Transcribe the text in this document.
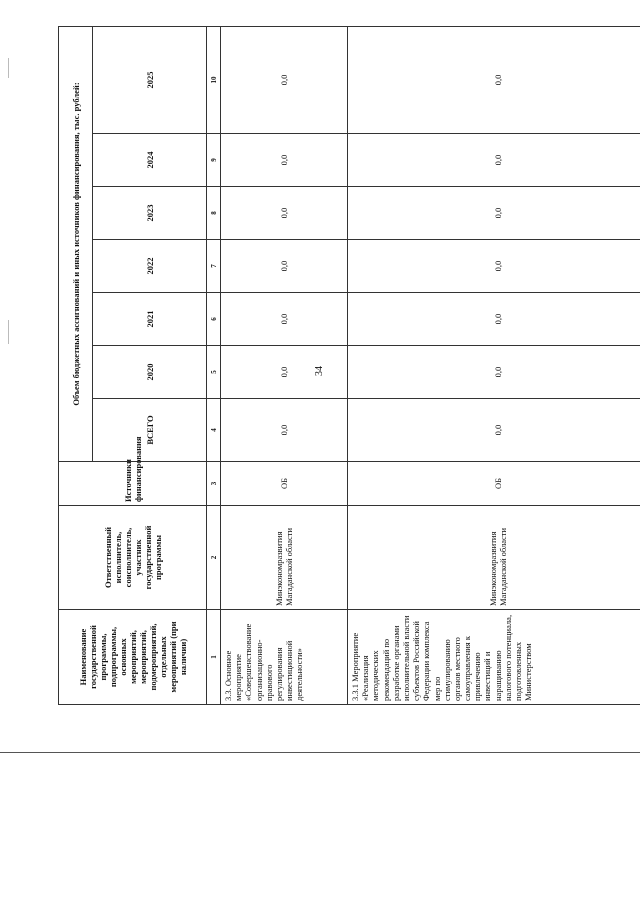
34
Наименование государственной программы, подпрограммы, основных мероприятий, мероприятий, подмероприятий, отдельных мероприятий (при наличии)	Ответственный исполнитель, соисполнитель, участник государственной программы	Источники финансирования	Объем бюджетных ассигнований и иных источников финансирования, тыс. рублей:						
			ВСЕГО	2020	2021	2022	2023	2024	2025
1	2	3	4	5	6	7	8	9	10

3.3. Основное мероприятие «Совершенствование организационно-правового регулирования инвестиционной деятельности»	Минэкономразвития Магаданской области	ОБ	0,0	0,0	0,0	0,0	0,0	0,0	0,0

3.3.1 Мероприятие «Реализация методических рекомендаций по разработке органами исполнительной власти субъектов Российской Федерации комплекса мер по стимулированию органов местного самоуправления к привлечению инвестиций и наращиванию налогового потенциала, подготовленных Министерством	Минэкономразвития Магаданской области	ОБ	0,0	0,0	0,0	0,0	0,0	0,0	0,0
